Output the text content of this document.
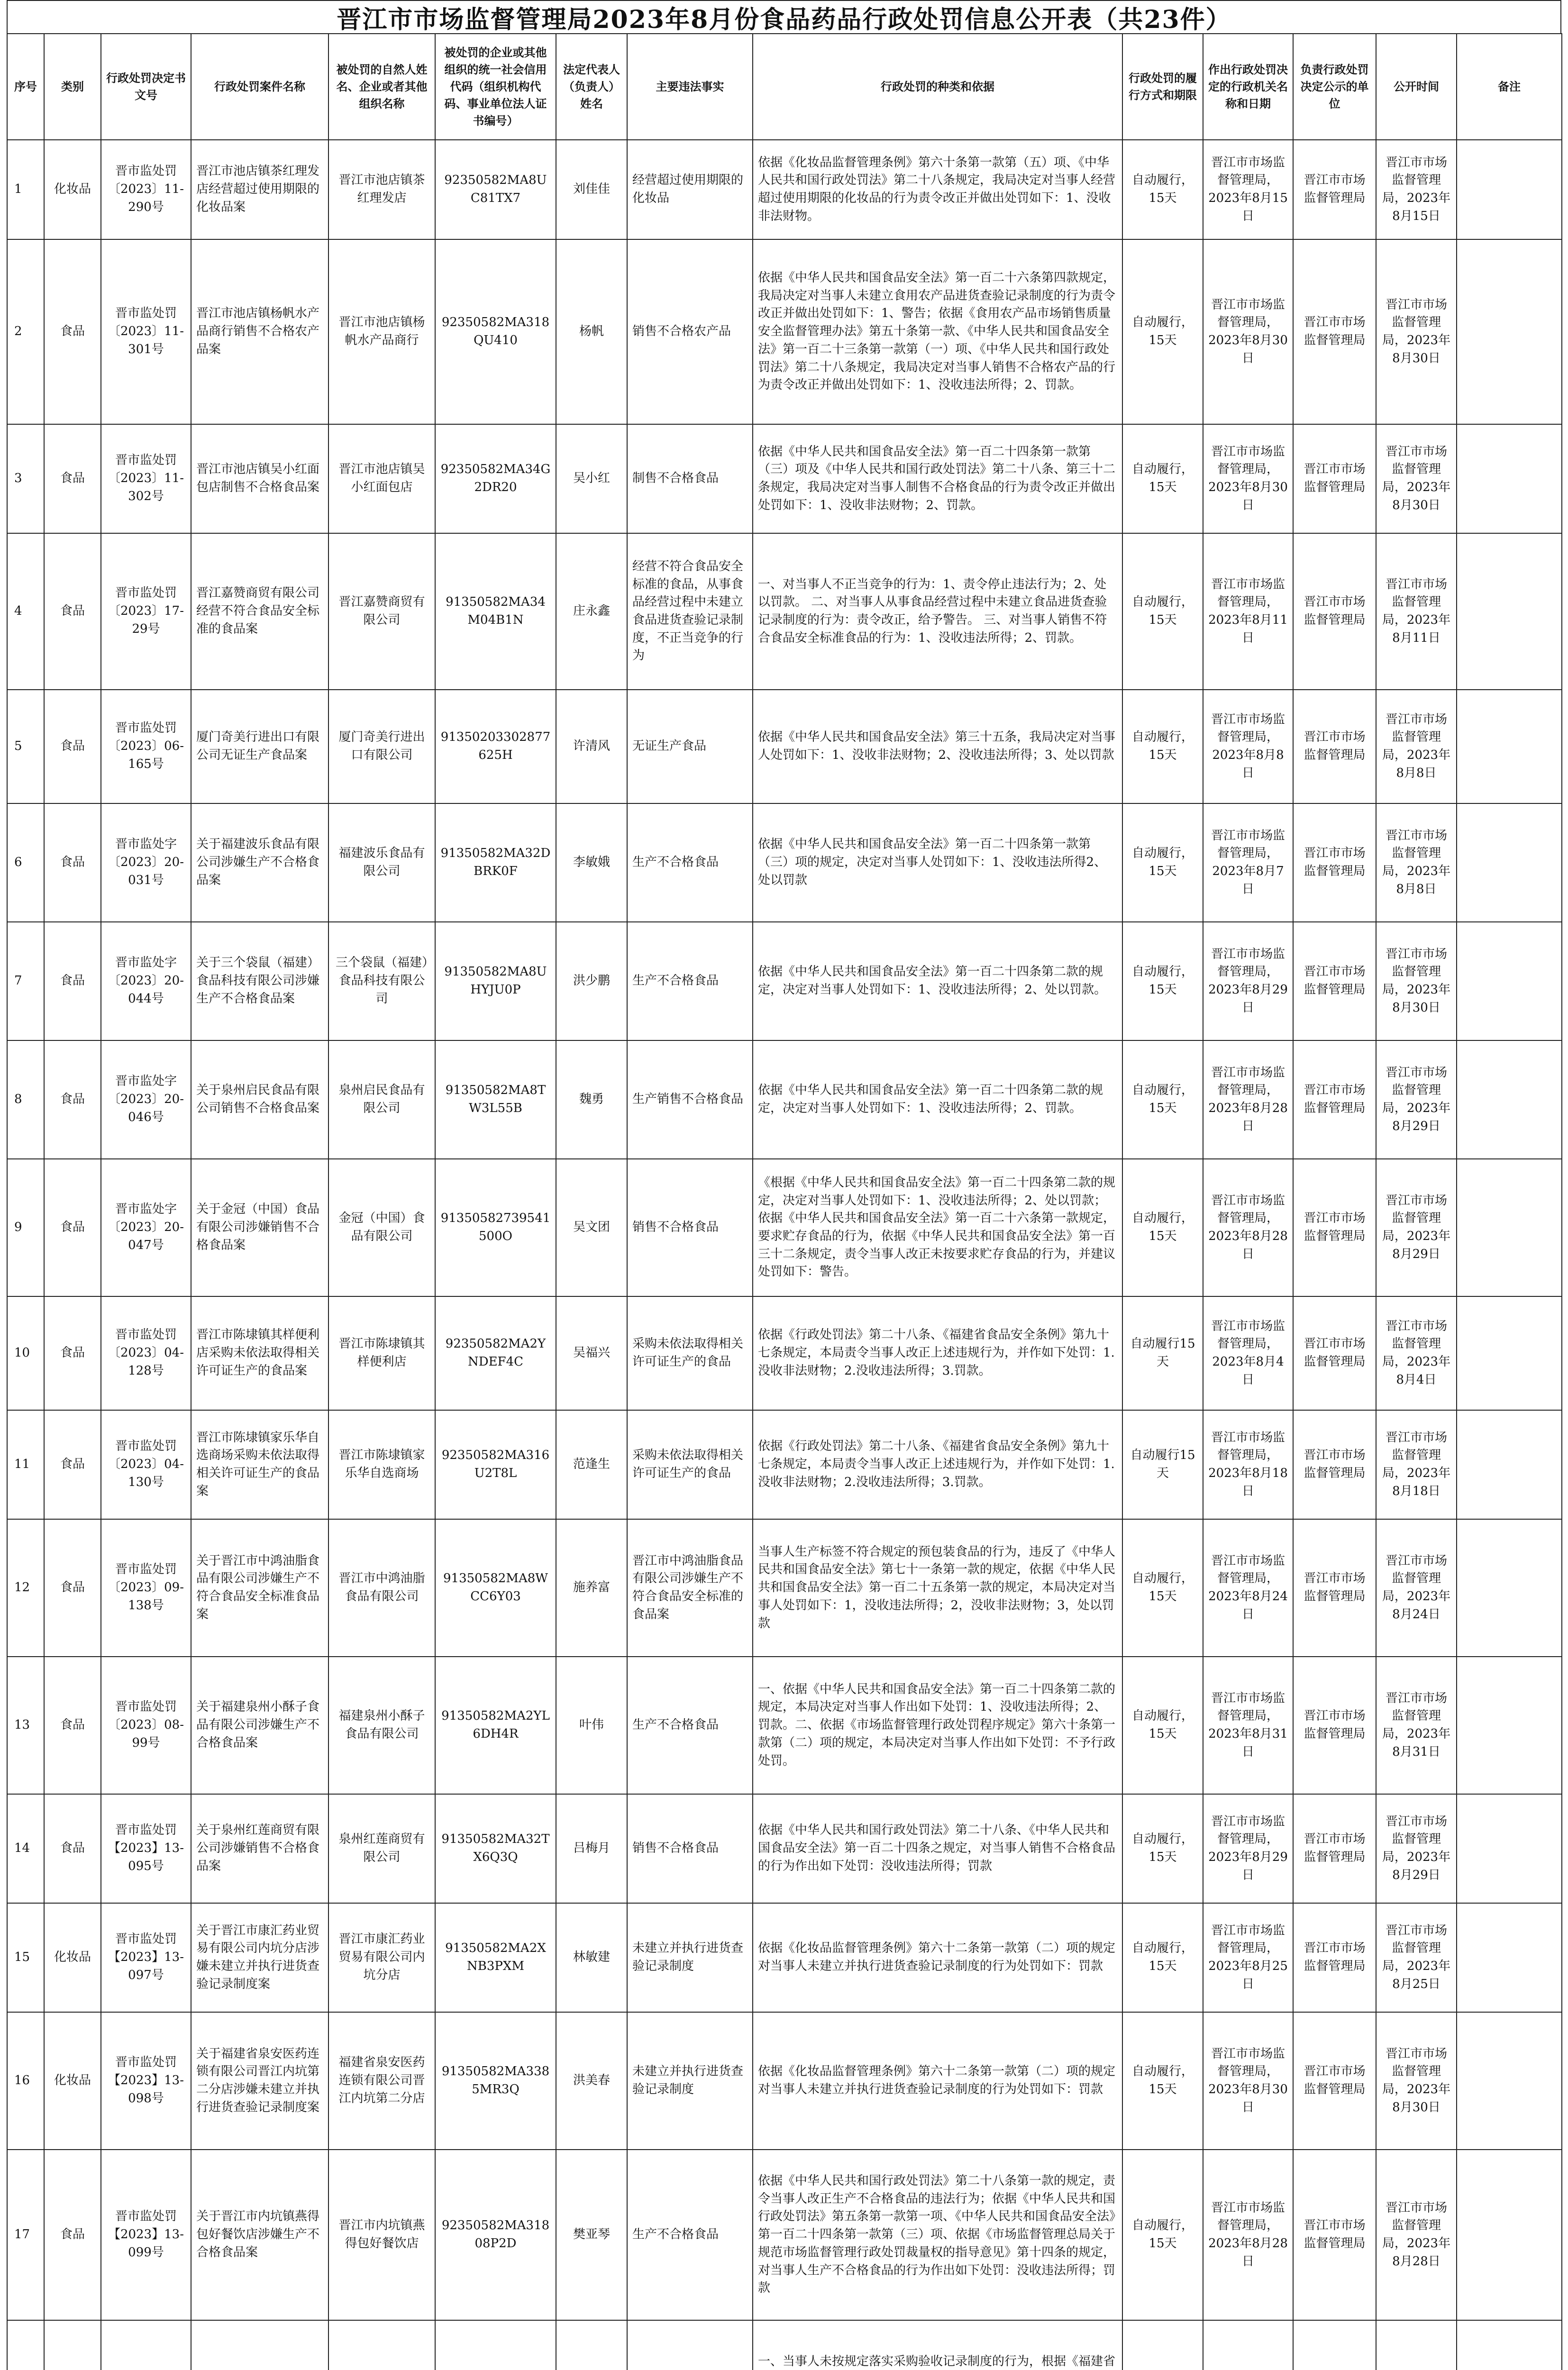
晋江市市场监督管理局2023年8月份食品药品行政处罚信息公开表（共23件）
序号	类别	行政处罚决定书文号	行政处罚案件名称	被处罚的自然人姓名、企业或者其他组织名称	被处罚的企业或其他组织的统一社会信用代码（组织机构代码、事业单位法人证书编号）	法定代表人（负责人）姓名	主要违法事实	行政处罚的种类和依据	行政处罚的履行方式和期限	作出行政处罚决定的行政机关名称和日期	负责行政处罚决定公示的单位	公开时间	备注
1	化妆品	晋市监处罚〔2023〕11-290号	晋江市池店镇茶红理发店经营超过使用期限的化妆品案	晋江市池店镇茶红理发店	92350582MA8UC81TX7	刘佳佳	经营超过使用期限的化妆品	依据《化妆品监督管理条例》第六十条第一款第（五）项、《中华人民共和国行政处罚法》第二十八条规定，我局决定对当事人经营超过使用期限的化妆品的行为责令改正并做出处罚如下：1、没收非法财物。	自动履行，15天	晋江市市场监督管理局，2023年8月15日	晋江市市场监督管理局	晋江市市场监督管理局，2023年8月15日	
2	食品	晋市监处罚〔2023〕11-301号	晋江市池店镇杨帆水产品商行销售不合格农产品案	晋江市池店镇杨帆水产品商行	92350582MA318QU410	杨帆	销售不合格农产品	依据《中华人民共和国食品安全法》第一百二十六条第四款规定，我局决定对当事人未建立食用农产品进货查验记录制度的行为责令改正并做出处罚如下：1、警告；依据《食用农产品市场销售质量安全监督管理办法》第五十条第一款、《中华人民共和国食品安全法》第一百二十三条第一款第（一）项、《中华人民共和国行政处罚法》第二十八条规定，我局决定对当事人销售不合格农产品的行为责令改正并做出处罚如下：1、没收违法所得；2、罚款。	自动履行，15天	晋江市市场监督管理局，2023年8月30日	晋江市市场监督管理局	晋江市市场监督管理局，2023年8月30日	
3	食品	晋市监处罚〔2023〕11-302号	晋江市池店镇吴小红面包店制售不合格食品案	晋江市池店镇吴小红面包店	92350582MA34G2DR20	吴小红	制售不合格食品	依据《中华人民共和国食品安全法》第一百二十四条第一款第（三）项及《中华人民共和国行政处罚法》第二十八条、第三十二条规定，我局决定对当事人制售不合格食品的行为责令改正并做出处罚如下：1、没收非法财物；2、罚款。	自动履行，15天	晋江市市场监督管理局，2023年8月30日	晋江市市场监督管理局	晋江市市场监督管理局，2023年8月30日	
4	食品	晋市监处罚〔2023〕17-29号	晋江嘉赞商贸有限公司经营不符合食品安全标准的食品案	晋江嘉赞商贸有限公司	91350582MA34M04B1N	庄永鑫	经营不符合食品安全标准的食品，从事食品经营过程中未建立食品进货查验记录制度，不正当竞争的行为	一、对当事人不正当竞争的行为：1、责令停止违法行为；2、处以罚款。 二、对当事人从事食品经营过程中未建立食品进货查验记录制度的行为：责令改正，给予警告。 三、对当事人销售不符合食品安全标准食品的行为：1、没收违法所得；2、罚款。	自动履行，15天	晋江市市场监督管理局，2023年8月11日	晋江市市场监督管理局	晋江市市场监督管理局，2023年8月11日	
5	食品	晋市监处罚〔2023〕06-165号	厦门奇美行进出口有限公司无证生产食品案	厦门奇美行进出口有限公司	91350203302877625H	许清风	无证生产食品	依据《中华人民共和国食品安全法》第三十五条，我局决定对当事人处罚如下：1、没收非法财物；2、没收违法所得；3、处以罚款	自动履行，15天	晋江市市场监督管理局，2023年8月8日	晋江市市场监督管理局	晋江市市场监督管理局，2023年8月8日	
6	食品	晋市监处字〔2023〕20-031号	关于福建波乐食品有限公司涉嫌生产不合格食品案	福建波乐食品有限公司	91350582MA32DBRK0F	李敏娥	生产不合格食品	依据《中华人民共和国食品安全法》第一百二十四条第一款第（三）项的规定，决定对当事人处罚如下：1、没收违法所得2、处以罚款	自动履行，15天	晋江市市场监督管理局，2023年8月7日	晋江市市场监督管理局	晋江市市场监督管理局，2023年8月8日	
7	食品	晋市监处字〔2023〕20-044号	关于三个袋鼠（福建）食品科技有限公司涉嫌生产不合格食品案	三个袋鼠（福建）食品科技有限公司	91350582MA8UHYJU0P	洪少鹏	生产不合格食品	依据《中华人民共和国食品安全法》第一百二十四条第二款的规定，决定对当事人处罚如下：1、没收违法所得；2、处以罚款。	自动履行，15天	晋江市市场监督管理局，2023年8月29日	晋江市市场监督管理局	晋江市市场监督管理局，2023年8月30日	
8	食品	晋市监处字〔2023〕20-046号	关于泉州启民食品有限公司销售不合格食品案	泉州启民食品有限公司	91350582MA8TW3L55B	魏勇	生产销售不合格食品	依据《中华人民共和国食品安全法》第一百二十四条第二款的规定，决定对当事人处罚如下：1、没收违法所得；2、罚款。	自动履行，15天	晋江市市场监督管理局，2023年8月28日	晋江市市场监督管理局	晋江市市场监督管理局，2023年8月29日	
9	食品	晋市监处字〔2023〕20-047号	关于金冠（中国）食品有限公司涉嫌销售不合格食品案	金冠（中国）食品有限公司	91350582739541500O	吴文团	销售不合格食品	《根据《中华人民共和国食品安全法》第一百二十四条第二款的规定，决定对当事人处罚如下：1、没收违法所得；2、处以罚款；依据《中华人民共和国食品安全法》第一百二十六条第一款规定，要求贮存食品的行为，依据《中华人民共和国食品安全法》第一百三十二条规定，责令当事人改正未按要求贮存食品的行为，并建议处罚如下：警告。	自动履行，15天	晋江市市场监督管理局，2023年8月28日	晋江市市场监督管理局	晋江市市场监督管理局，2023年8月29日	
10	食品	晋市监处罚〔2023〕04-128号	晋江市陈埭镇其样便利店采购未依法取得相关许可证生产的食品案	晋江市陈埭镇其样便利店	92350582MA2YNDEF4C	吴福兴	采购未依法取得相关许可证生产的食品	依据《行政处罚法》第二十八条、《福建省食品安全条例》第九十七条规定，本局责令当事人改正上述违规行为，并作如下处罚：1.没收非法财物；2.没收违法所得；3.罚款。	自动履行15天	晋江市市场监督管理局，2023年8月4日	晋江市市场监督管理局	晋江市市场监督管理局，2023年8月4日	
11	食品	晋市监处罚〔2023〕04-130号	晋江市陈埭镇家乐华自选商场采购未依法取得相关许可证生产的食品案	晋江市陈埭镇家乐华自选商场	92350582MA316U2T8L	范逢生	采购未依法取得相关许可证生产的食品	依据《行政处罚法》第二十八条、《福建省食品安全条例》第九十七条规定，本局责令当事人改正上述违规行为，并作如下处罚：1.没收非法财物；2.没收违法所得；3.罚款。	自动履行15天	晋江市市场监督管理局，2023年8月18日	晋江市市场监督管理局	晋江市市场监督管理局，2023年8月18日	
12	食品	晋市监处罚〔2023〕09-138号	关于晋江市中鸿油脂食品有限公司涉嫌生产不符合食品安全标准食品案	晋江市中鸿油脂食品有限公司	91350582MA8WCC6Y03	施养富	晋江市中鸿油脂食品有限公司涉嫌生产不符合食品安全标准的食品案	当事人生产标签不符合规定的预包装食品的行为，违反了《中华人民共和国食品安全法》第七十一条第一款的规定，依据《中华人民共和国食品安全法》第一百二十五条第一款的规定，本局决定对当事人处罚如下：1，没收违法所得；2，没收非法财物；3，处以罚款	自动履行，15天	晋江市市场监督管理局，2023年8月24日	晋江市市场监督管理局	晋江市市场监督管理局，2023年8月24日	
13	食品	晋市监处罚〔2023〕08-99号	关于福建泉州小酥子食品有限公司涉嫌生产不合格食品案	福建泉州小酥子食品有限公司	91350582MA2YL6DH4R	叶伟	生产不合格食品	一、依据《中华人民共和国食品安全法》第一百二十四条第二款的规定，本局决定对当事人作出如下处罚：1、没收违法所得；2、罚款。二、依据《市场监督管理行政处罚程序规定》第六十条第一款第（二）项的规定，本局决定对当事人作出如下处罚：不予行政处罚。	自动履行，15天	晋江市市场监督管理局，2023年8月31日	晋江市市场监督管理局	晋江市市场监督管理局，2023年8月31日	
14	食品	晋市监处罚【2023】13-095号	关于泉州红莲商贸有限公司涉嫌销售不合格食品案	泉州红莲商贸有限公司	91350582MA32TX6Q3Q	吕梅月	销售不合格食品	依据《中华人民共和国行政处罚法》第二十八条、《中华人民共和国食品安全法》第一百二十四条之规定，对当事人销售不合格食品的行为作出如下处罚：没收违法所得；罚款	自动履行，15天	晋江市市场监督管理局，2023年8月29日	晋江市市场监督管理局	晋江市市场监督管理局，2023年8月29日	
15	化妆品	晋市监处罚【2023】13-097号	关于晋江市康汇药业贸易有限公司内坑分店涉嫌未建立并执行进货查验记录制度案	晋江市康汇药业贸易有限公司内坑分店	91350582MA2XNB3PXM	林敏建	未建立并执行进货查验记录制度	依据《化妆品监督管理条例》第六十二条第一款第（二）项的规定对当事人未建立并执行进货查验记录制度的行为处罚如下：罚款	自动履行，15天	晋江市市场监督管理局，2023年8月25日	晋江市市场监督管理局	晋江市市场监督管理局，2023年8月25日	
16	化妆品	晋市监处罚【2023】13-098号	关于福建省泉安医药连锁有限公司晋江内坑第二分店涉嫌未建立并执行进货查验记录制度案	福建省泉安医药连锁有限公司晋江内坑第二分店	91350582MA3385MR3Q	洪美春	未建立并执行进货查验记录制度	依据《化妆品监督管理条例》第六十二条第一款第（二）项的规定对当事人未建立并执行进货查验记录制度的行为处罚如下：罚款	自动履行，15天	晋江市市场监督管理局，2023年8月30日	晋江市市场监督管理局	晋江市市场监督管理局，2023年8月30日	
17	食品	晋市监处罚【2023】13-099号	关于晋江市内坑镇燕得包好餐饮店涉嫌生产不合格食品案	晋江市内坑镇燕得包好餐饮店	92350582MA31808P2D	樊亚琴	生产不合格食品	依据《中华人民共和国行政处罚法》第二十八条第一款的规定，责令当事人改正生产不合格食品的违法行为；依据《中华人民共和国行政处罚法》第五条第一款第一项、《中华人民共和国食品安全法》第一百二十四条第一款第（三）项、依据《市场监督管理总局关于规范市场监督管理行政处罚裁量权的指导意见》第十四条的规定，对当事人生产不合格食品的行为作出如下处罚：没收违法所得；罚款	自动履行，15天	晋江市市场监督管理局，2023年8月28日	晋江市市场监督管理局	晋江市市场监督管理局，2023年8月28日	
								一、当事人未按规定落实采购验收记录制度的行为，根据《福建省					
